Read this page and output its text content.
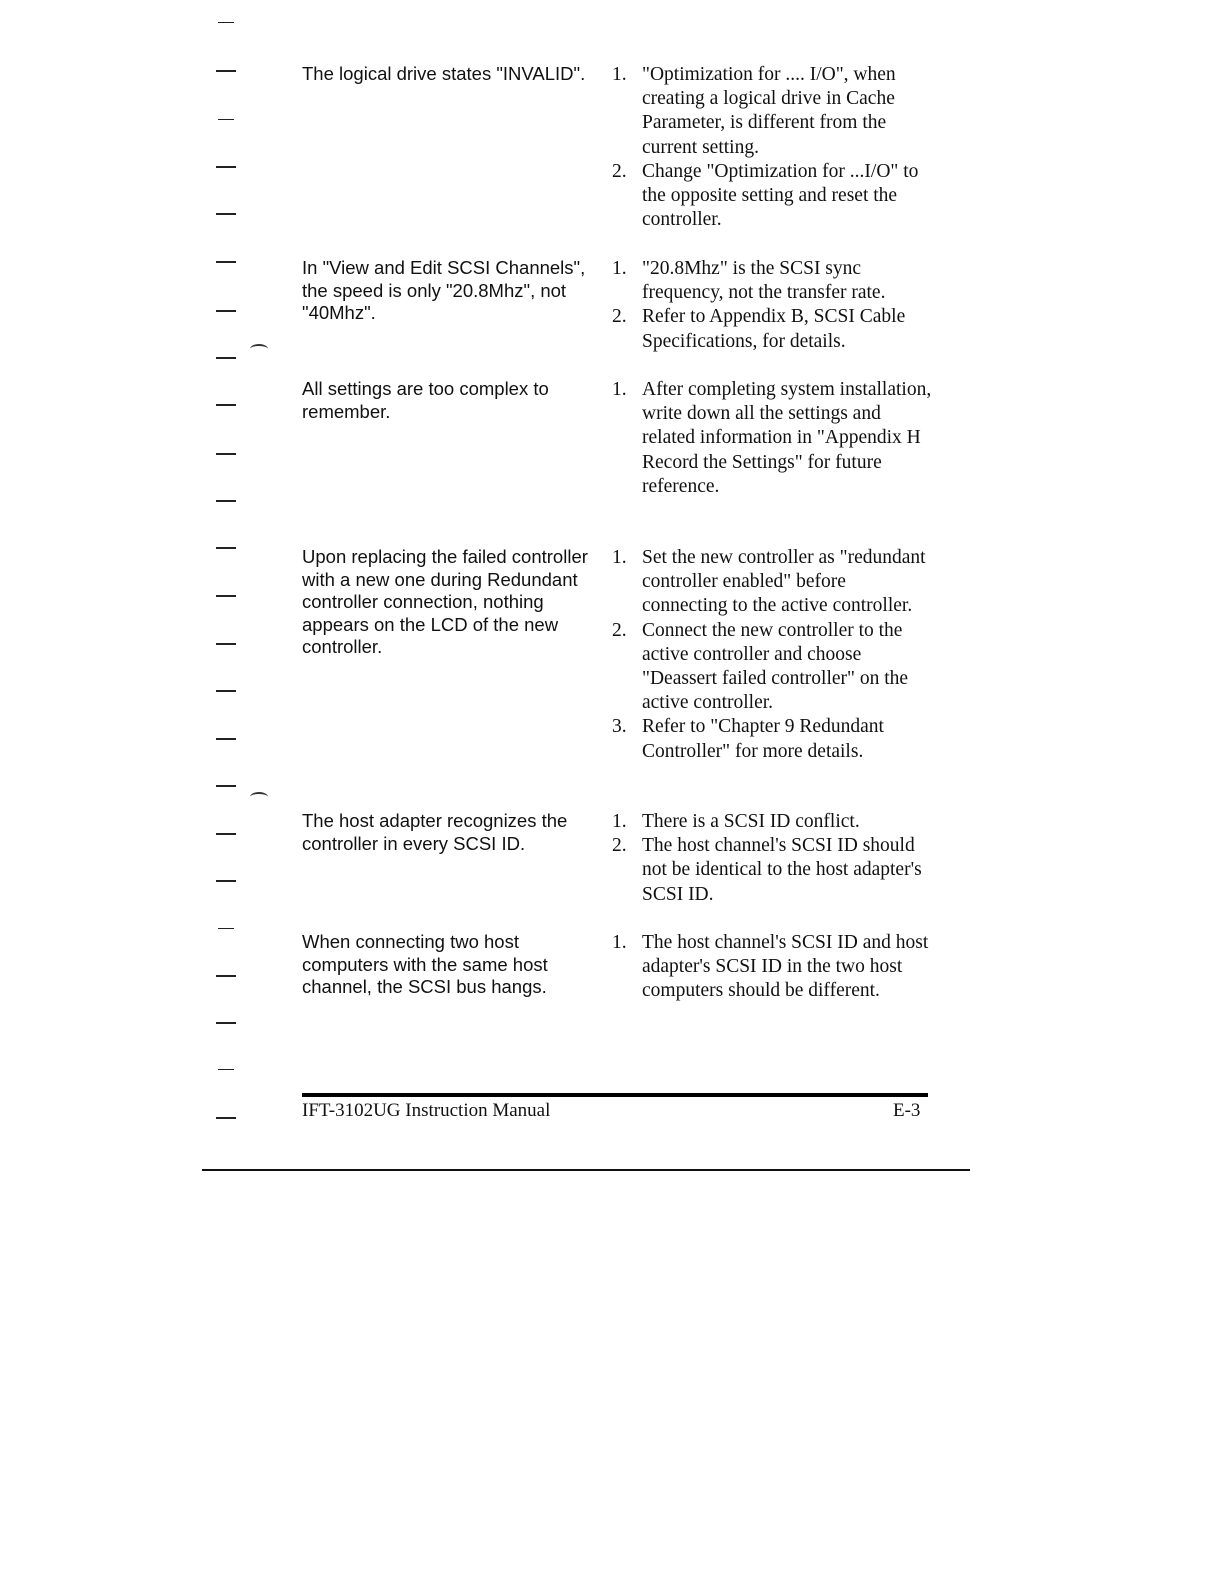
The logical drive states "INVALID".	1. "Optimization for .... I/O", when creating a logical drive in Cache Parameter, is different from the current setting.
2. Change "Optimization for ...I/O" to the opposite setting and reset the controller.
In "View and Edit SCSI Channels", the speed is only "20.8Mhz", not "40Mhz".
1. "20.8Mhz" is the SCSI sync frequency, not the transfer rate.
2. Refer to Appendix B, SCSI Cable Specifications, for details.
All settings are too complex to remember.
1. After completing system installation, write down all the settings and related information in "Appendix H Record the Settings" for future reference.
Upon replacing the failed controller with a new one during Redundant controller connection, nothing appears on the LCD of the new controller.
1. Set the new controller as "redundant controller enabled" before connecting to the active controller.
2. Connect the new controller to the active controller and choose "Deassert failed controller" on the active controller.
3. Refer to "Chapter 9 Redundant Controller" for more details.
The host adapter recognizes the controller in every SCSI ID.
1. There is a SCSI ID conflict.
2. The host channel's SCSI ID should not be identical to the host adapter's SCSI ID.
When connecting two host computers with the same host channel, the SCSI bus hangs.
1. The host channel's SCSI ID and host adapter's SCSI ID in the two host computers should be different.
IFT-3102UG Instruction Manual	E-3
